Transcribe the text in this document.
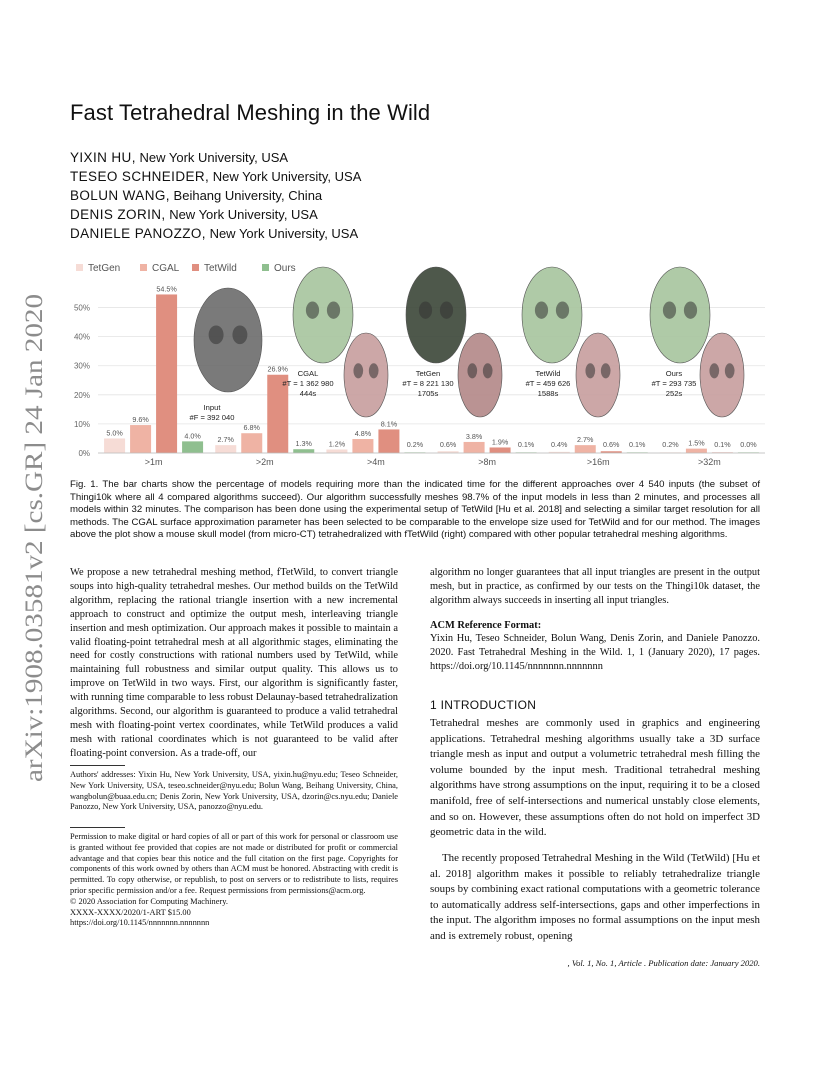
arXiv:1908.03581v2 [cs.GR] 24 Jan 2020
Fast Tetrahedral Meshing in the Wild
YIXIN HU, New York University, USA
TESEO SCHNEIDER, New York University, USA
BOLUN WANG, Beihang University, China
DENIS ZORIN, New York University, USA
DANIELE PANOZZO, New York University, USA
0%
10%
20%
30%
40%
50%
TetGen	CGAL TetWild	Ours
5.0%
9.6%
54.5%
4.0%
>1m
2.7%
6.8%
26.9%
1.3%
>2m
1.2%
4.8%
8.1%
0.2%
>4m
0.6%
3.8%
1.9% 0.1%
>8m
0.4%
2.7%
0.6% 0.1%
>16m
0.2% 1.5% 0.1% 0.0%
>32m
Input
#F = 392 040
CGAL
#T = 1 362 980
444s
TetGen
#T = 8 221 130
1705s
TetWild
#T = 459 626
1588s
Ours
#T = 293 735
252s
Fig. 1. The bar charts show the percentage of models requiring more than the indicated time for the different approaches over 4 540 inputs (the subset of Thingi10k where all 4 compared algorithms succeed). Our algorithm successfully meshes 98.7% of the input models in less than 2 minutes, and processes all models within 32 minutes. The comparison has been done using the experimental setup of TetWild [Hu et al. 2018] and selecting a similar target resolution for all methods. The CGAL surface approximation parameter has been selected to be comparable to the envelope size used for TetWild and for our method. The images above the plot show a mouse skull model (from micro-CT) tetrahedralized with fTetWild (right) compared with other popular tetrahedral meshing algorithms.
We propose a new tetrahedral meshing method, fTetWild, to convert triangle soups into high-quality tetrahedral meshes. Our method builds on the TetWild algorithm, replacing the rational triangle insertion with a new incremental approach to construct and optimize the output mesh, interleaving triangle insertion and mesh optimization. Our approach makes it possible to maintain a valid floating-point tetrahedral mesh at all algorithmic stages, eliminating the need for costly constructions with rational numbers used by TetWild, while maintaining full robustness and similar output quality. This allows us to improve on TetWild in two ways. First, our algorithm is significantly faster, with running time comparable to less robust Delaunay-based tetrahedralization algorithms. Second, our algorithm is guaranteed to produce a valid tetrahedral mesh with floating-point vertex coordinates, while TetWild produces a valid mesh with rational coordinates which is not guaranteed to be valid after floating-point conversion. As a trade-off, our
algorithm no longer guarantees that all input triangles are present in the output mesh, but in practice, as confirmed by our tests on the Thingi10k dataset, the algorithm always succeeds in inserting all input triangles.
ACM Reference Format:
Yixin Hu, Teseo Schneider, Bolun Wang, Denis Zorin, and Daniele Panozzo. 2020. Fast Tetrahedral Meshing in the Wild. 1, 1 (January 2020), 17 pages. https://doi.org/10.1145/nnnnnnn.nnnnnnn
1 INTRODUCTION
Tetrahedral meshes are commonly used in graphics and engineering applications. Tetrahedral meshing algorithms usually take a 3D surface triangle mesh as input and output a volumetric tetrahedral mesh filling the volume bounded by the input mesh. Traditional tetrahedral meshing algorithms have strong assumptions on the input, requiring it to be a closed manifold, free of self-intersections and numerical unstably close elements, and so on. However, these assumptions often do not hold on imperfect 3D geometric data in the wild.
The recently proposed Tetrahedral Meshing in the Wild (TetWild) [Hu et al. 2018] algorithm makes it possible to reliably tetrahedralize triangle soups by combining exact rational computations with a geometric tolerance to automatically address self-intersections, gaps and other imperfections in the input. The algorithm imposes no formal assumptions on the input mesh and is extremely robust, opening
Authors' addresses: Yixin Hu, New York University, USA, yixin.hu@nyu.edu; Teseo Schneider, New York University, USA, teseo.schneider@nyu.edu; Bolun Wang, Beihang University, China, wangbolun@buaa.edu.cn; Denis Zorin, New York University, USA, dzorin@cs.nyu.edu; Daniele Panozzo, New York University, USA, panozzo@nyu.edu.
Permission to make digital or hard copies of all or part of this work for personal or classroom use is granted without fee provided that copies are not made or distributed for profit or commercial advantage and that copies bear this notice and the full citation on the first page. Copyrights for components of this work owned by others than ACM must be honored. Abstracting with credit is permitted. To copy otherwise, or republish, to post on servers or to redistribute to lists, requires prior specific permission and/or a fee. Request permissions from permissions@acm.org.
© 2020 Association for Computing Machinery.
XXXX-XXXX/2020/1-ART $15.00
https://doi.org/10.1145/nnnnnnn.nnnnnnn
, Vol. 1, No. 1, Article . Publication date: January 2020.
